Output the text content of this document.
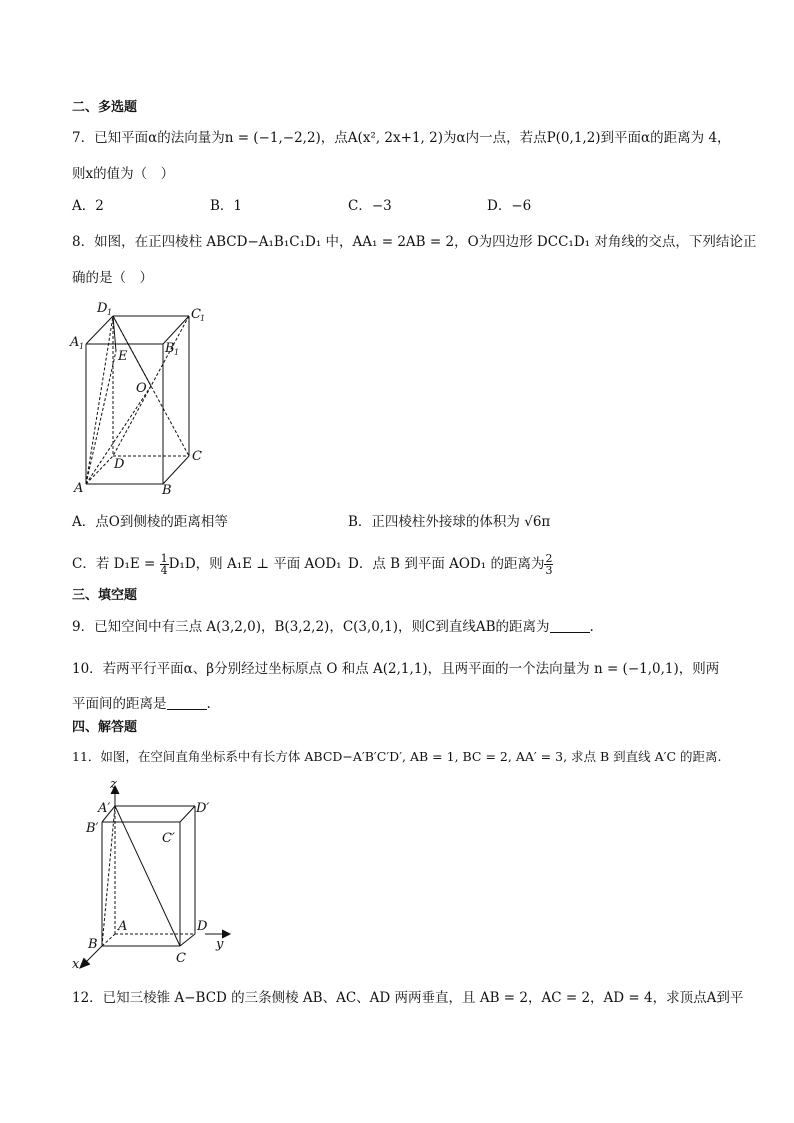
二、多选题
7．已知平面α的法向量为n = (−1,−2,2)，点A(x², 2x+1, 2)为α内一点，若点P(0,1,2)到平面α的距离为 4，
则x的值为（　）
A．2	B．1	C．−3	D．−6
8．如图，在正四棱柱 ABCD−A₁B₁C₁D₁ 中，AA₁ = 2AB = 2，O为四边形 DCC₁D₁ 对角线的交点，下列结论正
确的是（　）
D 1	C 1
A 1	B 1
E
O
D
C
A	B
A．点O到侧棱的距离相等	B．正四棱柱外接球的体积为 √6π
C．若 $D_1E = \frac{1}{4} D_1D$，则 A₁E ⊥ 平面 AOD₁ D．点 B 到平面 AOD₁ 的距离为 $\frac{2}{3}$
三、填空题
9．已知空间中有三点 A(3,2,0)，B(3,2,2)，C(3,0,1)，则C到直线AB的距离为	.
10．若两平行平面α、β分别经过坐标原点 O 和点 A(2,1,1)，且两平面的一个法向量为 n = (−1,0,1)，则两
平面间的距离是	.
四、解答题
11．如图，在空间直角坐标系中有长方体 ABCD−A′B′C′D′, AB = 1, BC = 2, AA′ = 3, 求点 B 到直线 A′C 的距离.
z
y
x
A′	D′
B′
C′
A	D
B
C
12．已知三棱锥 A−BCD 的三条侧棱 AB、AC、AD 两两垂直，且 AB = 2，AC = 2，AD = 4，求顶点A到平
